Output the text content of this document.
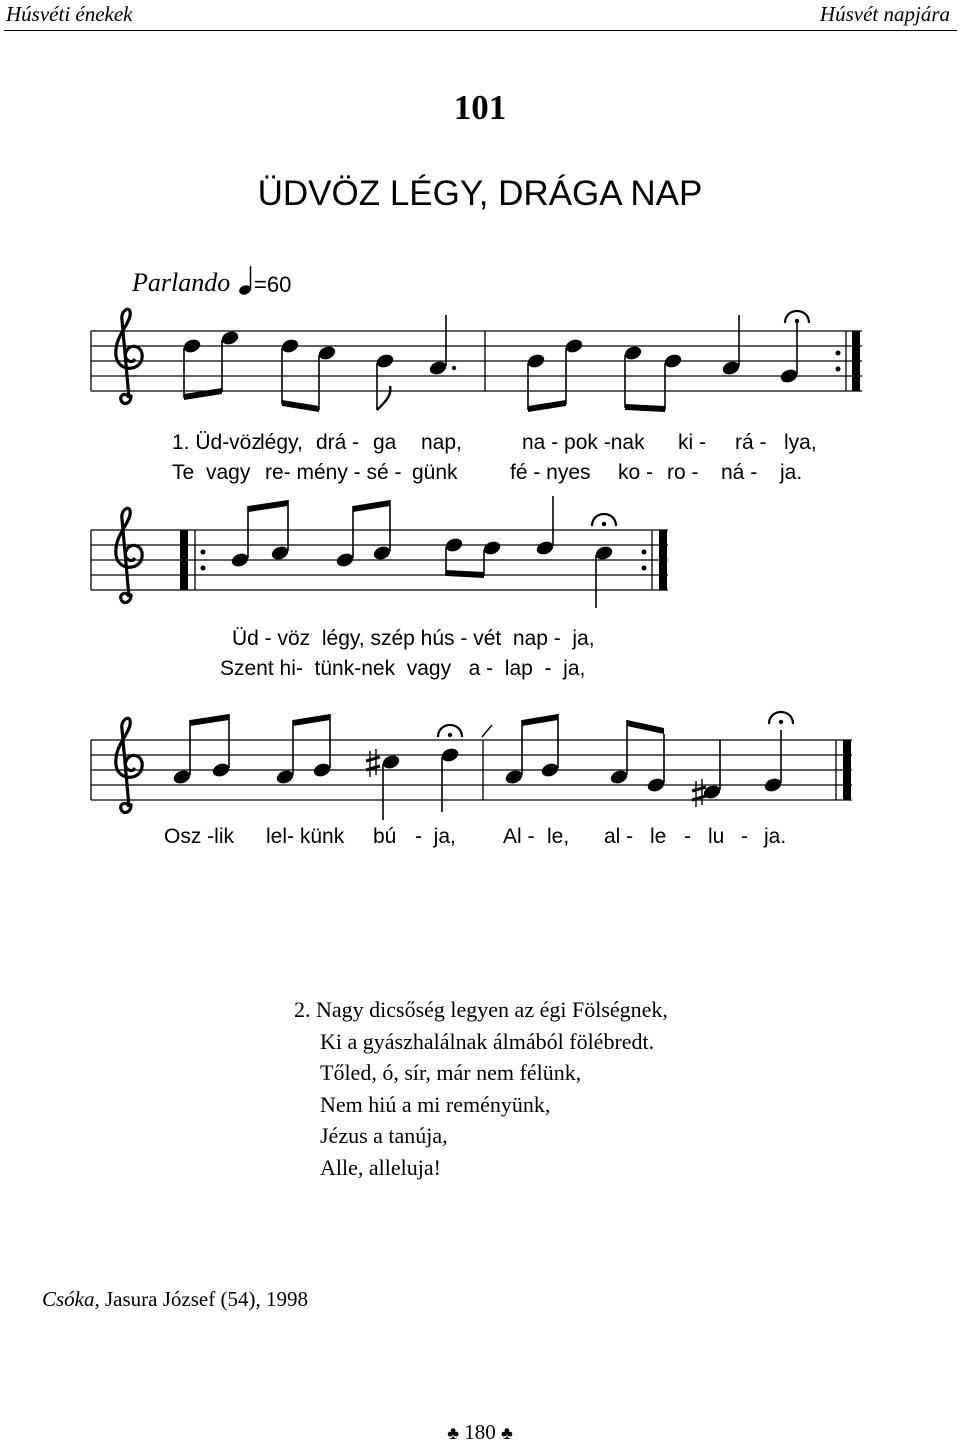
Húsvéti énekek	Húsvét napjára
101
ÜDVÖZ LÉGY, DRÁGA NAP
Parlando =60
1. Üd-vöz
légy, drá - ga nap,	na - pok -nak ki - rá - lya,
Te vagy re- mény - sé - günk fé - nyes ko - ro - ná - ja.
Üd - vöz  légy, szép hús - vét  nap -  ja,
Szent hi-  tünk-nek  vagy   a -  lap  -  ja,
Osz -lik lel- künk bú -  ja, Al - le, al - le - lu - ja.
2. Nagy dicsőség legyen az égi Fölségnek,
Ki a gyászhalálnak álmából fölébredt.
Tőled, ó, sír, már nem félünk,
Nem hiú a mi reményünk,
Jézus a tanúja,
Alle, alleluja!
Csóka, Jasura József (54), 1998
♣ 180 ♣
